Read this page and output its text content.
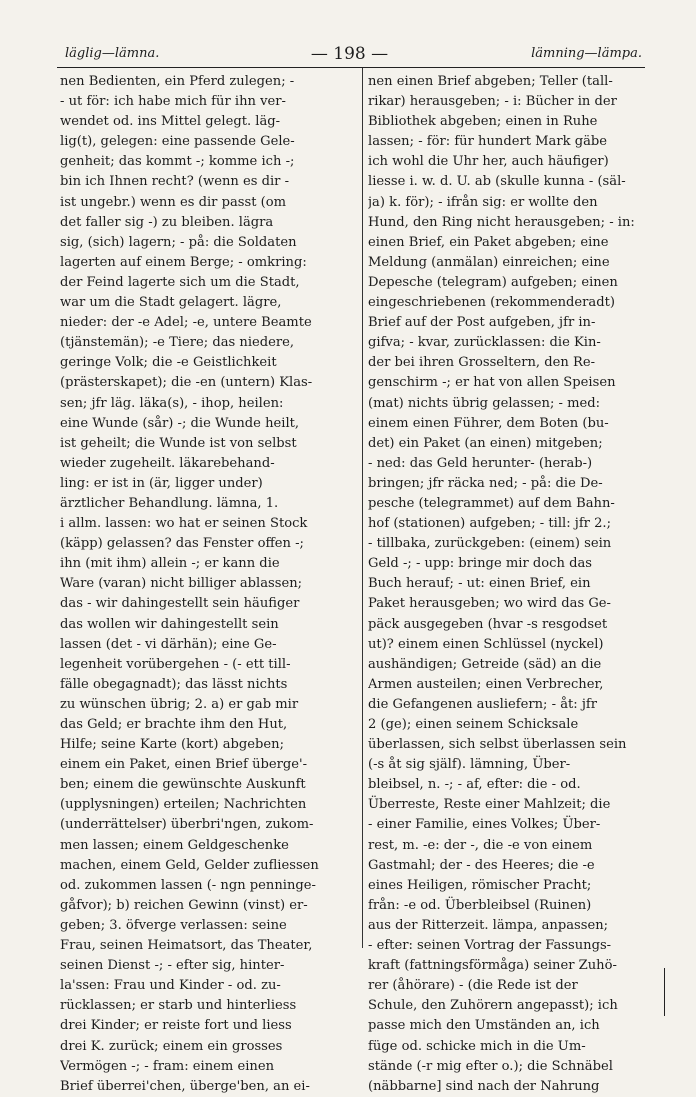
läglig—lämna.	— 198 —	lämning—lämpa.
nen Bedienten, ein Pferd zulegen; -
- ut för: ich habe mich für ihn ver-
wendet od. ins Mittel gelegt. läg-
lig(t), gelegen: eine passende Gele-
genheit; das kommt -; komme ich -;
bin ich Ihnen recht? (wenn es dir -
ist ungebr.) wenn es dir passt (om
det faller sig -) zu bleiben. lägra
sig, (sich) lagern; - på: die Soldaten
lagerten auf einem Berge; - omkring:
der Feind lagerte sich um die Stadt,
war um die Stadt gelagert. lägre,
nieder: der -e Adel; -e, untere Beamte
(tjänstemän); -e Tiere; das niedere,
geringe Volk; die -e Geistlichkeit
(prästerskapet); die -en (untern) Klas-
sen; jfr läg. läka(s), - ihop, heilen:
eine Wunde (sår) -; die Wunde heilt,
ist geheilt; die Wunde ist von selbst
wieder zugeheilt. läkarebehand-
ling: er ist in (är, ligger under)
ärztlicher Behandlung. lämna, 1.
i allm. lassen: wo hat er seinen Stock
(käpp) gelassen? das Fenster offen -;
ihn (mit ihm) allein -; er kann die
Ware (varan) nicht billiger ablassen;
das - wir dahingestellt sein häufiger
das wollen wir dahingestellt sein
lassen (det - vi därhän); eine Ge-
legenheit vorübergehen - (- ett till-
fälle obegagnadt); das lässt nichts
zu wünschen übrig; 2. a) er gab mir
das Geld; er brachte ihm den Hut,
Hilfe; seine Karte (kort) abgeben;
einem ein Paket, einen Brief überge'-
ben; einem die gewünschte Auskunft
(upplysningen) erteilen; Nachrichten
(underrättelser) überbri'ngen, zukom-
men lassen; einem Geldgeschenke
machen, einem Geld, Gelder zufliessen
od. zukommen lassen (- ngn penninge-
gåfvor); b) reichen Gewinn (vinst) er-
geben; 3. öfverge verlassen: seine
Frau, seinen Heimatsort, das Theater,
seinen Dienst -; - efter sig, hinter-
la'ssen: Frau und Kinder - od. zu-
rücklassen; er starb und hinterliess
drei Kinder; er reiste fort und liess
drei K. zurück; einem ein grosses
Vermögen -; - fram: einem einen
Brief überrei'chen, überge'ben, an ei-
nen einen Brief abgeben; Teller (tall-
rikar) herausgeben; - i: Bücher in der
Bibliothek abgeben; einen in Ruhe
lassen; - för: für hundert Mark gäbe
ich wohl die Uhr her, auch häufiger)
liesse i. w. d. U. ab (skulle kunna - (säl-
ja) k. för); - ifrån sig: er wollte den
Hund, den Ring nicht herausgeben; - in:
einen Brief, ein Paket abgeben; eine
Meldung (anmälan) einreichen; eine
Depesche (telegram) aufgeben; einen
eingeschriebenen (rekommenderadt)
Brief auf der Post aufgeben, jfr in-
gifva; - kvar, zurücklassen: die Kin-
der bei ihren Grosseltern, den Re-
genschirm -; er hat von allen Speisen
(mat) nichts übrig gelassen; - med:
einem einen Führer, dem Boten (bu-
det) ein Paket (an einen) mitgeben;
- ned: das Geld herunter- (herab-)
bringen; jfr räcka ned; - på: die De-
pesche (telegrammet) auf dem Bahn-
hof (stationen) aufgeben; - till: jfr 2.;
- tillbaka, zurückgeben: (einem) sein
Geld -; - upp: bringe mir doch das
Buch herauf; - ut: einen Brief, ein
Paket herausgeben; wo wird das Ge-
päck ausgegeben (hvar -s resgodset
ut)? einem einen Schlüssel (nyckel)
aushändigen; Getreide (säd) an die
Armen austeilen; einen Verbrecher,
die Gefangenen ausliefern; - åt: jfr
2 (ge); einen seinem Schicksale
überlassen, sich selbst überlassen sein
(-s åt sig själf). lämning, Über-
bleibsel, n. -; - af, efter: die - od.
Überreste, Reste einer Mahlzeit; die
- einer Familie, eines Volkes; Über-
rest, m. -e: der -, die -e von einem
Gastmahl; der - des Heeres; die -e
eines Heiligen, römischer Pracht;
från: -e od. Überbleibsel (Ruinen)
aus der Ritterzeit. lämpa, anpassen;
- efter: seinen Vortrag der Fassungs-
kraft (fattningsförmåga) seiner Zuhö-
rer (åhörare) - (die Rede ist der
Schule, den Zuhörern angepasst); ich
passe mich den Umständen an, ich
füge od. schicke mich in die Um-
stände (-r mig efter o.); die Schnäbel
(näbbarne] sind nach der Nahrung
